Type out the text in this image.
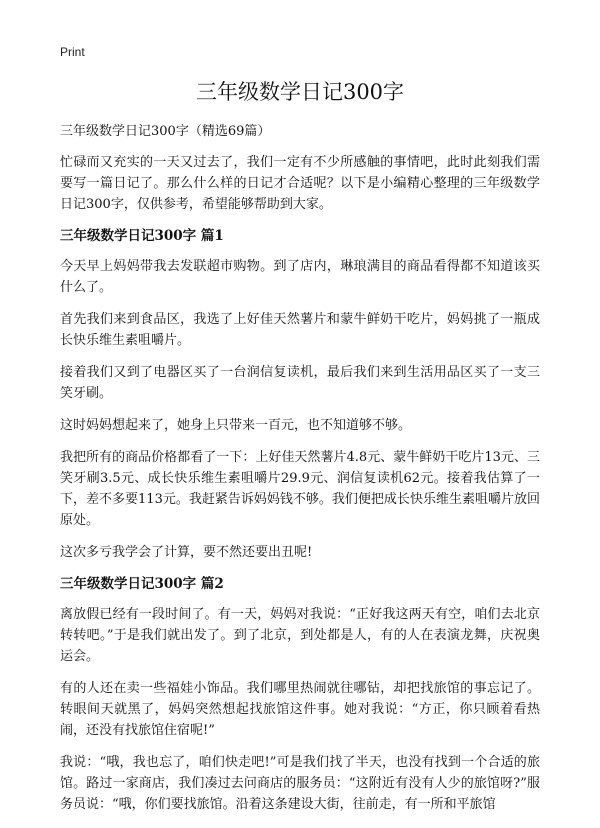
Print
三年级数学日记300字
三年级数学日记300字（精选69篇）

忙碌而又充实的一天又过去了，我们一定有不少所感触的事情吧，此时此刻我们需要写一篇日记了。那么什么样的日记才合适呢？以下是小编精心整理的三年级数学日记300字，仅供参考，希望能够帮助到大家。

三年级数学日记300字 篇1

今天早上妈妈带我去发联超市购物。到了店内，琳琅满目的商品看得都不知道该买什么了。

首先我们来到食品区，我选了上好佳天然薯片和蒙牛鲜奶干吃片，妈妈挑了一瓶成长快乐维生素咀嚼片。

接着我们又到了电器区买了一台润信复读机，最后我们来到生活用品区买了一支三笑牙刷。

这时妈妈想起来了，她身上只带来一百元，也不知道够不够。

我把所有的商品价格都看了一下：上好佳天然薯片4.8元、蒙牛鲜奶干吃片13元、三笑牙刷3.5元、成长快乐维生素咀嚼片29.9元、润信复读机62元。接着我估算了一下，差不多要113元。我赶紧告诉妈妈钱不够。我们便把成长快乐维生素咀嚼片放回原处。

这次多亏我学会了计算，要不然还要出丑呢!

三年级数学日记300字 篇2

离放假已经有一段时间了。有一天，妈妈对我说：“正好我这两天有空，咱们去北京转转吧。”于是我们就出发了。到了北京，到处都是人，有的人在表演龙舞，庆祝奥运会。

有的人还在卖一些福娃小饰品。我们哪里热闹就往哪钻，却把找旅馆的事忘记了。转眼间天就黑了，妈妈突然想起找旅馆这件事。她对我说：“方正，你只顾着看热闹，还没有找旅馆住宿呢!”

我说：“哦，我也忘了，咱们快走吧!”可是我们找了半天，也没有找到一个合适的旅馆。路过一家商店，我们凑过去问商店的服务员：“这附近有没有人少的旅馆呀?”服务员说：“哦，你们要找旅馆。沿着这条建设大街，往前走，有一所和平旅馆
